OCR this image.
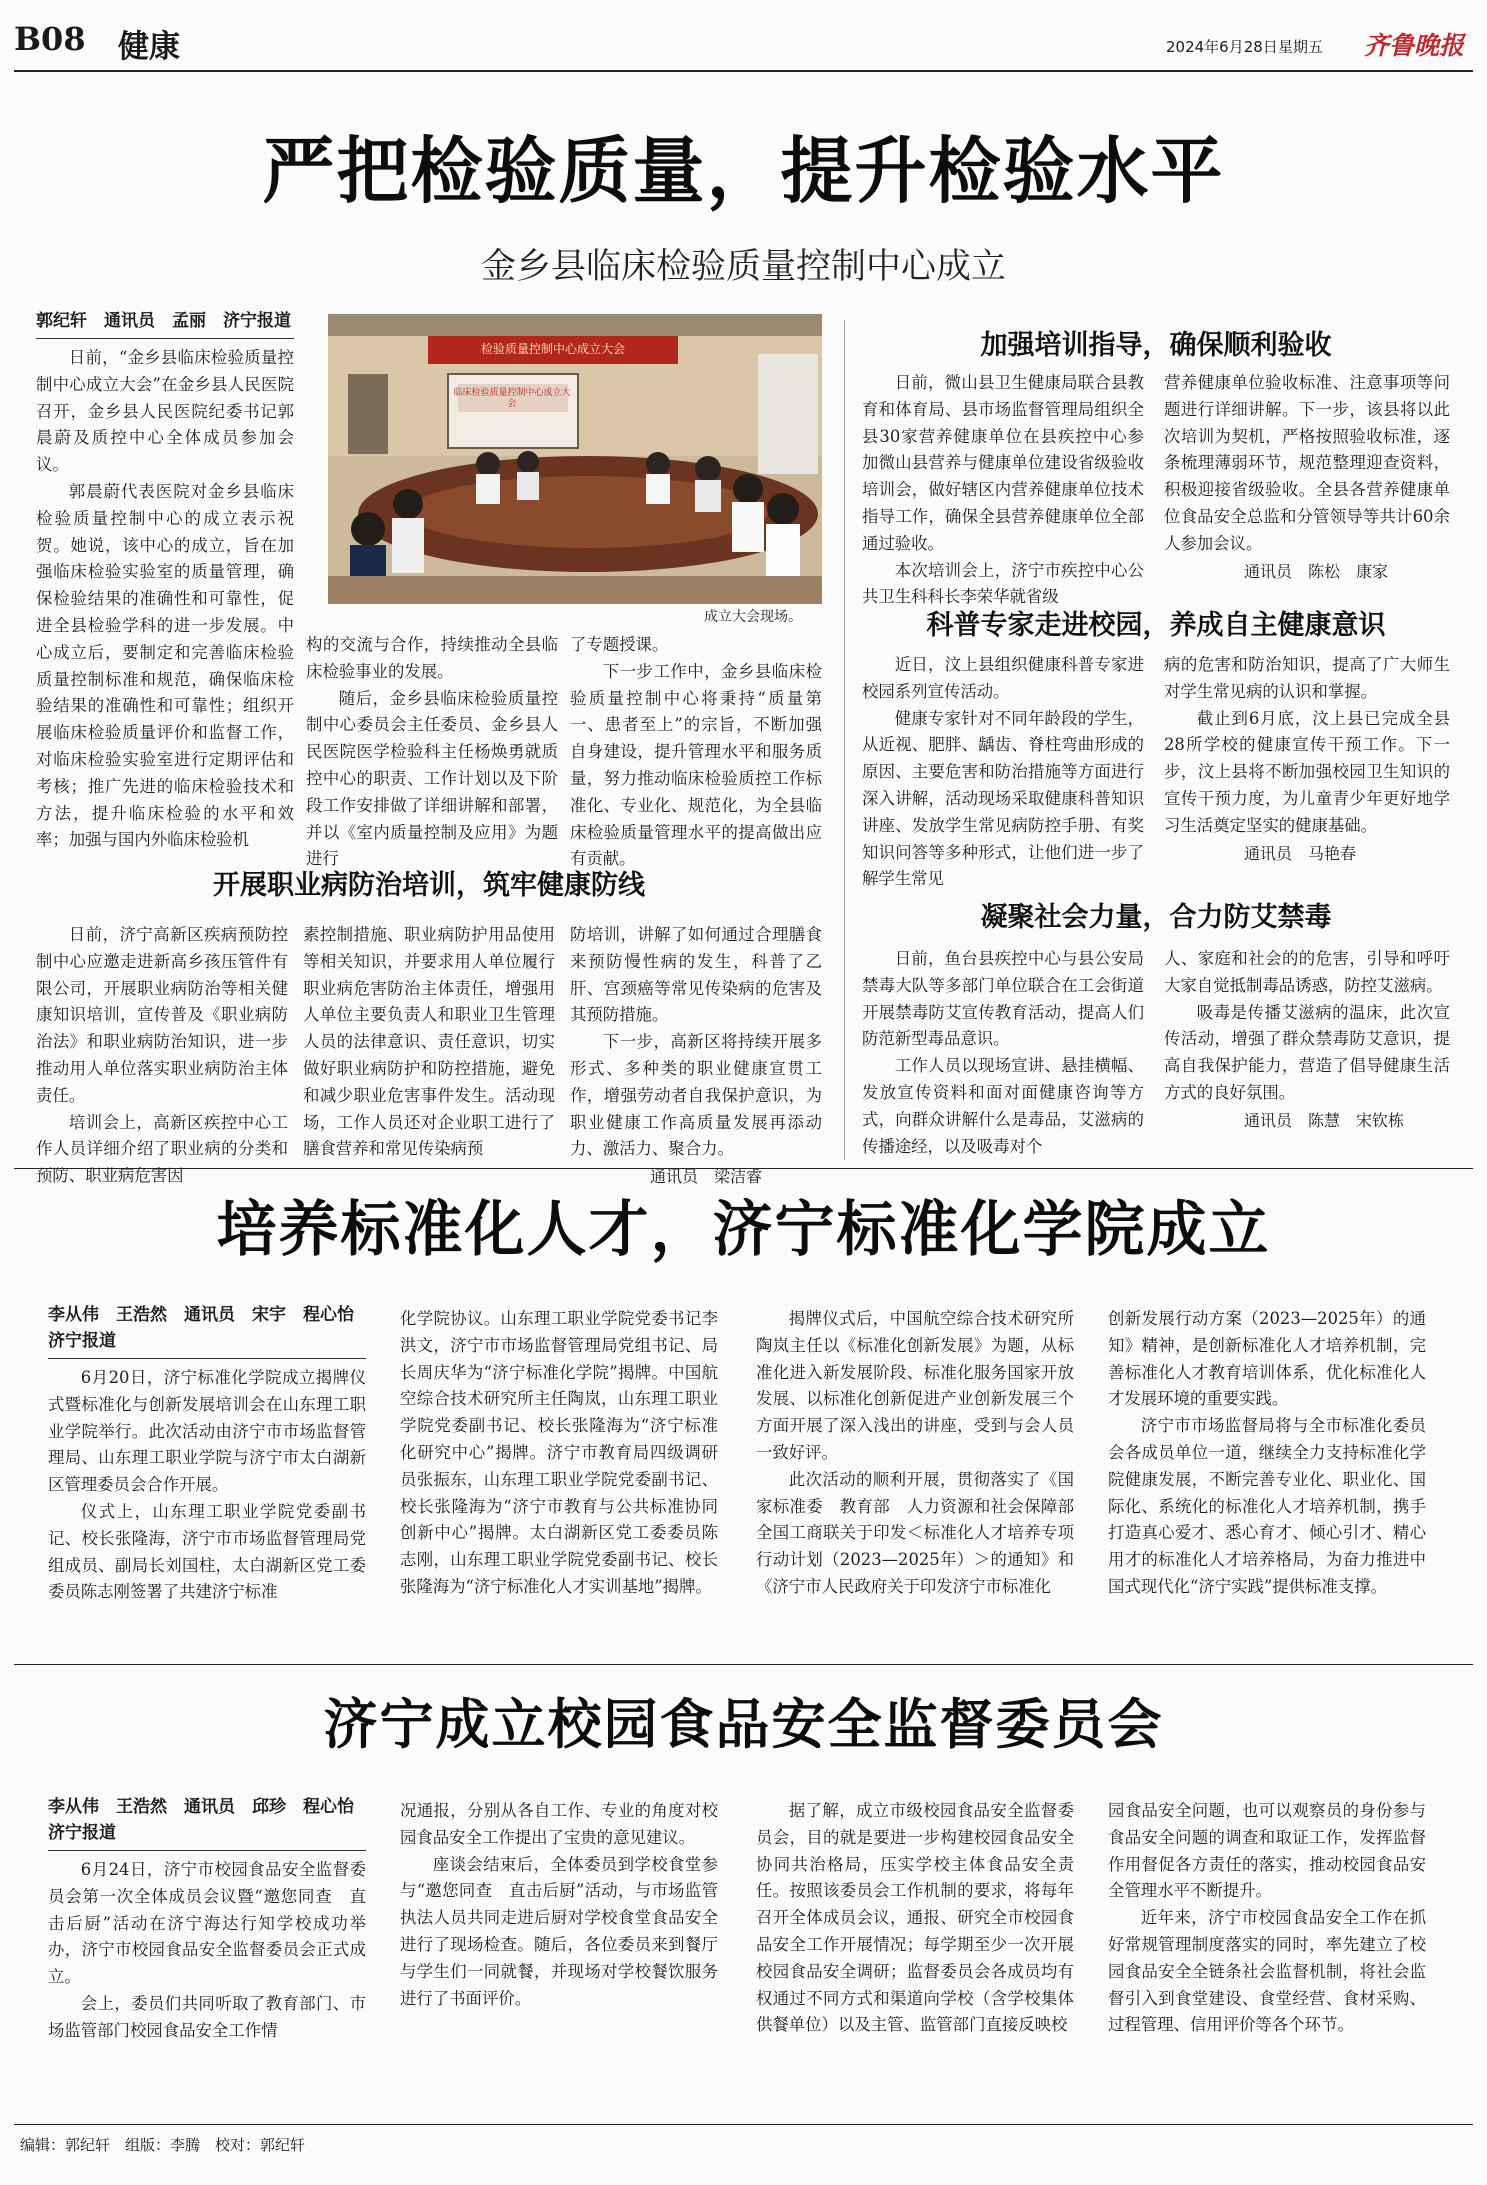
B08 健康	2024年6月28日 星期五 齐鲁晚报
严把检验质量，提升检验水平
金乡县临床检验质量控制中心成立
郭纪轩　通讯员　孟丽　济宁报道

日前，“金乡县临床检验质量控制中心成立大会”在金乡县人民医院召开，金乡县人民医院纪委书记郭晨蔚及质控中心全体成员参加会议。

郭晨蔚代表医院对金乡县临床检验质量控制中心的成立表示祝贺。她说，该中心的成立，旨在加强临床检验实验室的质量管理，确保检验结果的准确性和可靠性，促进全县检验学科的进一步发展。中心成立后，要制定和完善临床检验质量控制标准和规范，确保临床检验结果的准确性和可靠性；组织开展临床检验质量评价和监督工作，对临床检验实验室进行定期评估和考核；推广先进的临床检验技术和方法，提升临床检验的水平和效率；加强与国内外临床检验机

检验质量控制中心成立大会
临床检验质量控制中心成立大会
成立大会现场。

构的交流与合作，持续推动全县临床检验事业的发展。

随后，金乡县临床检验质量控制中心委员会主任委员、金乡县人民医院医学检验科主任杨焕勇就质控中心的职责、工作计划以及下阶段工作安排做了详细讲解和部署，并以《室内质量控制及应用》为题进行

了专题授课。

下一步工作中，金乡县临床检验质量控制中心将秉持“质量第一、患者至上”的宗旨，不断加强自身建设，提升管理水平和服务质量，努力推动临床检验质控工作标准化、专业化、规范化，为全县临床检验质量管理水平的提高做出应有贡献。

开展职业病防治培训，筑牢健康防线

日前，济宁高新区疾病预防控制中心应邀走进新高乡孩压管件有限公司，开展职业病防治等相关健康知识培训，宣传普及《职业病防治法》和职业病防治知识，进一步推动用人单位落实职业病防治主体责任。

培训会上，高新区疾控中心工作人员详细介绍了职业病的分类和预防、职业病危害因

素控制措施、职业病防护用品使用等相关知识，并要求用人单位履行职业病危害防治主体责任，增强用人单位主要负责人和职业卫生管理人员的法律意识、责任意识，切实做好职业病防护和防控措施，避免和减少职业危害事件发生。活动现场，工作人员还对企业职工进行了膳食营养和常见传染病预

防培训，讲解了如何通过合理膳食来预防慢性病的发生，科普了乙肝、宫颈癌等常见传染病的危害及其预防措施。

下一步，高新区将持续开展多形式、多种类的职业健康宣贯工作，增强劳动者自我保护意识，为职业健康工作高质量发展再添动力、激活力、聚合力。

通讯员　梁洁睿
加强培训指导，确保顺利验收

日前，微山县卫生健康局联合县教育和体育局、县市场监督管理局组织全县30家营养健康单位在县疾控中心参加微山县营养与健康单位建设省级验收培训会，做好辖区内营养健康单位技术指导工作，确保全县营养健康单位全部通过验收。

本次培训会上，济宁市疾控中心公共卫生科科长李荣华就省级

营养健康单位验收标准、注意事项等问题进行详细讲解。下一步，该县将以此次培训为契机，严格按照验收标准，逐条梳理薄弱环节，规范整理迎查资料，积极迎接省级验收。全县各营养健康单位食品安全总监和分管领导等共计60余人参加会议。

通讯员　陈松　康家
科普专家走进校园，养成自主健康意识

近日，汶上县组织健康科普专家进校园系列宣传活动。

健康专家针对不同年龄段的学生，从近视、肥胖、龋齿、脊柱弯曲形成的原因、主要危害和防治措施等方面进行深入讲解，活动现场采取健康科普知识讲座、发放学生常见病防控手册、有奖知识问答等多种形式，让他们进一步了解学生常见

病的危害和防治知识，提高了广大师生对学生常见病的认识和掌握。

截止到6月底，汶上县已完成全县28所学校的健康宣传干预工作。下一步，汶上县将不断加强校园卫生知识的宣传干预力度，为儿童青少年更好地学习生活奠定坚实的健康基础。

通讯员　马艳春
凝聚社会力量，合力防艾禁毒

日前，鱼台县疾控中心与县公安局禁毒大队等多部门单位联合在工会街道开展禁毒防艾宣传教育活动，提高人们防范新型毒品意识。

工作人员以现场宣讲、悬挂横幅、发放宣传资料和面对面健康咨询等方式，向群众讲解什么是毒品，艾滋病的传播途经，以及吸毒对个

人、家庭和社会的的危害，引导和呼吁大家自觉抵制毒品诱惑，防控艾滋病。

吸毒是传播艾滋病的温床，此次宣传活动，增强了群众禁毒防艾意识，提高自我保护能力，营造了倡导健康生活方式的良好氛围。

通讯员　陈慧　宋钦栋
培养标准化人才，济宁标准化学院成立
李从伟　王浩然　通讯员　宋宇　程心怡　济宁报道

6月20日，济宁标准化学院成立揭牌仪式暨标准化与创新发展培训会在山东理工职业学院举行。此次活动由济宁市市场监督管理局、山东理工职业学院与济宁市太白湖新区管理委员会合作开展。

仪式上，山东理工职业学院党委副书记、校长张隆海，济宁市市场监督管理局党组成员、副局长刘国柱，太白湖新区党工委委员陈志刚签署了共建济宁标准

化学院协议。山东理工职业学院党委书记李洪文，济宁市市场监督管理局党组书记、局长周庆华为“济宁标准化学院”揭牌。中国航空综合技术研究所主任陶岚，山东理工职业学院党委副书记、校长张隆海为“济宁标准化研究中心”揭牌。济宁市教育局四级调研员张振东，山东理工职业学院党委副书记、校长张隆海为“济宁市教育与公共标准协同创新中心”揭牌。太白湖新区党工委委员陈志刚，山东理工职业学院党委副书记、校长张隆海为“济宁标准化人才实训基地”揭牌。

揭牌仪式后，中国航空综合技术研究所陶岚主任以《标准化创新发展》为题，从标准化进入新发展阶段、标准化服务国家开放发展、以标准化创新促进产业创新发展三个方面开展了深入浅出的讲座，受到与会人员一致好评。

此次活动的顺利开展，贯彻落实了《国家标准委　教育部　人力资源和社会保障部　全国工商联关于印发＜标准化人才培养专项行动计划（2023—2025年）＞的通知》和《济宁市人民政府关于印发济宁市标准化

创新发展行动方案（2023—2025年）的通知》精神，是创新标准化人才培养机制，完善标准化人才教育培训体系，优化标准化人才发展环境的重要实践。

济宁市市场监督局将与全市标准化委员会各成员单位一道，继续全力支持标准化学院健康发展，不断完善专业化、职业化、国际化、系统化的标准化人才培养机制，携手打造真心爱才、悉心育才、倾心引才、精心用才的标准化人才培养格局，为奋力推进中国式现代化“济宁实践”提供标准支撑。

济宁成立校园食品安全监督委员会
李从伟　王浩然　通讯员　邱珍　程心怡　济宁报道

6月24日，济宁市校园食品安全监督委员会第一次全体成员会议暨“邀您同查　直击后厨”活动在济宁海达行知学校成功举办，济宁市校园食品安全监督委员会正式成立。

会上，委员们共同听取了教育部门、市场监管部门校园食品安全工作情

况通报，分别从各自工作、专业的角度对校园食品安全工作提出了宝贵的意见建议。

座谈会结束后，全体委员到学校食堂参与“邀您同查　直击后厨”活动，与市场监管执法人员共同走进后厨对学校食堂食品安全进行了现场检查。随后，各位委员来到餐厅与学生们一同就餐，并现场对学校餐饮服务进行了书面评价。

据了解，成立市级校园食品安全监督委员会，目的就是要进一步构建校园食品安全协同共治格局，压实学校主体食品安全责任。按照该委员会工作机制的要求，将每年召开全体成员会议，通报、研究全市校园食品安全工作开展情况；每学期至少一次开展校园食品安全调研；监督委员会各成员均有权通过不同方式和渠道向学校（含学校集体供餐单位）以及主管、监管部门直接反映校

园食品安全问题，也可以观察员的身份参与食品安全问题的调查和取证工作，发挥监督作用督促各方责任的落实，推动校园食品安全管理水平不断提升。

近年来，济宁市校园食品安全工作在抓好常规管理制度落实的同时，率先建立了校园食品安全全链条社会监督机制，将社会监督引入到食堂建设、食堂经营、食材采购、过程管理、信用评价等各个环节。

编辑：郭纪轩　组版：李腾　校对：郭纪轩
